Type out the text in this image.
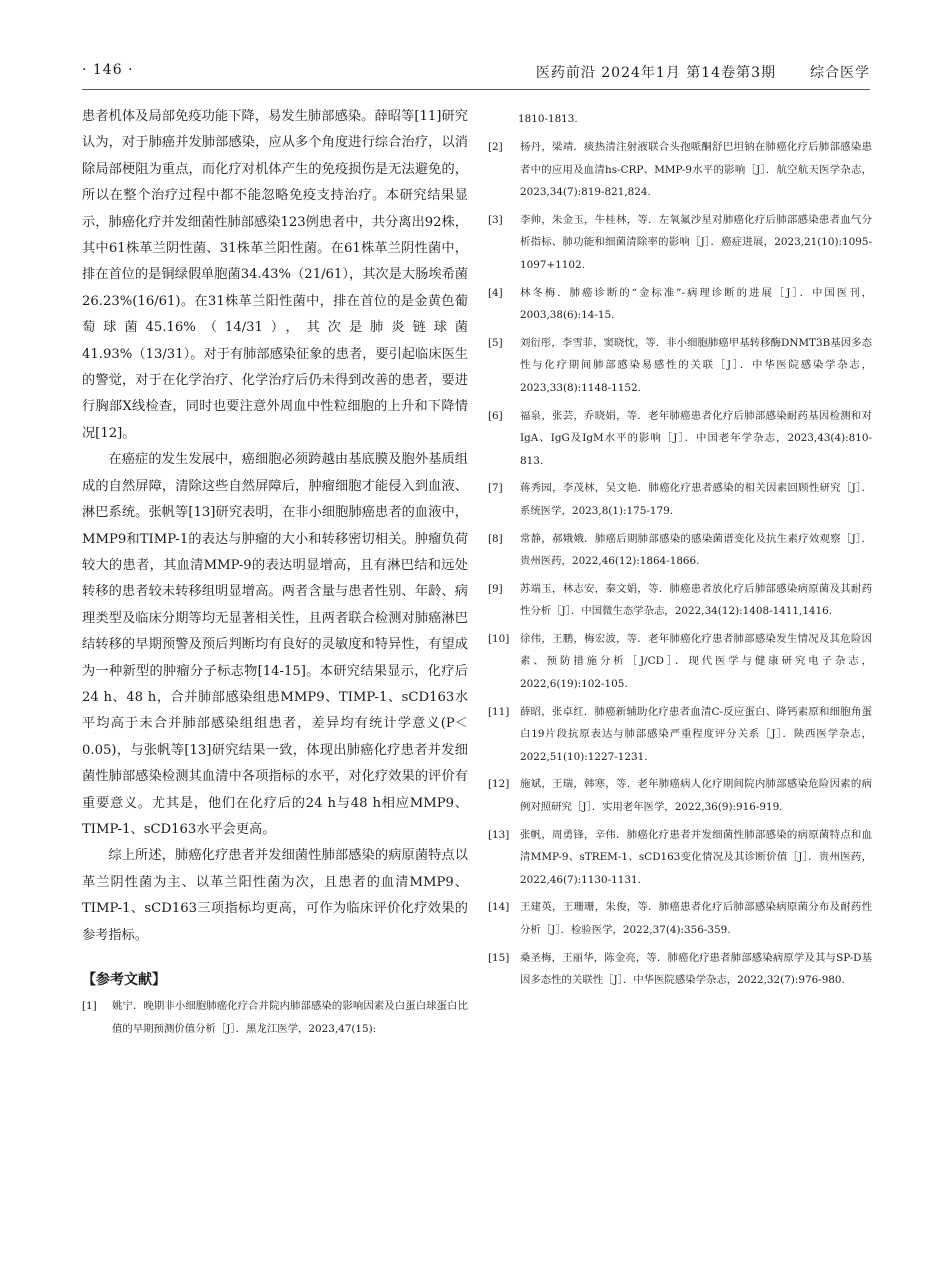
· 146 ·	医药前沿 2024年1月 第14卷第3期 综合医学

患者机体及局部免疫功能下降，易发生肺部感染。薛昭等[11]研究认为，对于肺癌并发肺部感染，应从多个角度进行综合治疗，以消除局部梗阻为重点，而化疗对机体产生的免疫损伤是无法避免的，所以在整个治疗过程中都不能忽略免疫支持治疗。本研究结果显示，肺癌化疗并发细菌性肺部感染123例患者中，共分离出92株，其中61株革兰阴性菌、31株革兰阳性菌。在61株革兰阴性菌中，排在首位的是铜绿假单胞菌34.43%（21/61），其次是大肠埃希菌26.23%(16/61)。在31株革兰阳性菌中，排在首位的是金黄色葡萄球菌45.16%（14/31），其次是肺炎链球菌41.93%（13/31）。对于有肺部感染征象的患者，要引起临床医生的警觉，对于在化学治疗、化学治疗后仍未得到改善的患者，要进行胸部X线检查，同时也要注意外周血中性粒细胞的上升和下降情况[12]。

在癌症的发生发展中，癌细胞必须跨越由基底膜及胞外基质组成的自然屏障，清除这些自然屏障后，肿瘤细胞才能侵入到血液、淋巴系统。张帆等[13]研究表明，在非小细胞肺癌患者的血液中，MMP9和TIMP-1的表达与肿瘤的大小和转移密切相关。肿瘤负荷较大的患者，其血清MMP-9的表达明显增高，且有淋巴结和远处转移的患者较未转移组明显增高。两者含量与患者性别、年龄、病理类型及临床分期等均无显著相关性，且两者联合检测对肺癌淋巴结转移的早期预警及预后判断均有良好的灵敏度和特异性，有望成为一种新型的肿瘤分子标志物[14-15]。本研究结果显示，化疗后24 h、48 h，合并肺部感染组患MMP9、TIMP-1、sCD163水平均高于未合并肺部感染组组患者，差异均有统计学意义(P＜0.05)，与张帆等[13]研究结果一致，体现出肺癌化疗患者并发细菌性肺部感染检测其血清中各项指标的水平，对化疗效果的评价有重要意义。尤其是，他们在化疗后的24 h与48 h相应MMP9、TIMP-1、sCD163水平会更高。

综上所述，肺癌化疗患者并发细菌性肺部感染的病原菌特点以革兰阴性菌为主、以革兰阳性菌为次，且患者的血清MMP9、TIMP-1、sCD163三项指标均更高，可作为临床评价化疗效果的参考指标。

【参考文献】
[1]	姚宁．晚期非小细胞肺癌化疗合并院内肺部感染的影响因素及白蛋白球蛋白比值的早期预测价值分析［J］．黑龙江医学，2023,47(15):
1810-1813.
[2]	杨丹，梁靖．痰热清注射液联合头孢哌酮舒巴坦钠在肺癌化疗后肺部感染患者中的应用及血清hs-CRP、MMP-9水平的影响［J］．航空航天医学杂志，2023,34(7):819-821,824.
[3]	李帅，朱金玉，牛桂林，等．左氧氟沙星对肺癌化疗后肺部感染患者血气分析指标、肺功能和细菌清除率的影响［J］．癌症进展，2023,21(10):1095-1097+1102.
[4]	林冬梅．肺癌诊断的“金标准”-病理诊断的进展［J］．中国医刊，2003,38(6):14-15.
[5]	刘衍彤，李雪菲，窦晓忱，等．非小细胞肺癌甲基转移酶DNMT3B基因多态性与化疗期间肺部感染易感性的关联［J］．中华医院感染学杂志，2023,33(8):1148-1152.
[6]	福泉，张芸，乔晓娟，等．老年肺癌患者化疗后肺部感染耐药基因检测和对IgA、IgG及IgM水平的影响［J］．中国老年学杂志，2023,43(4):810-813.
[7]	蒋秀园，李茂林，吴文艳．肺癌化疗患者感染的相关因素回顾性研究［J］．系统医学，2023,8(1):175-179.
[8]	常静，郝娥娥．肺癌后期肺部感染的感染菌谱变化及抗生素疗效观察［J］．贵州医药，2022,46(12):1864-1866.
[9]	苏端玉，林志安，秦文娟，等．肺癌患者放化疗后肺部感染病原菌及其耐药性分析［J］．中国微生态学杂志，2022,34(12):1408-1411,1416.
[10]	徐伟，王鹏，梅宏波，等．老年肺癌化疗患者肺部感染发生情况及其危险因素、预防措施分析［J/CD］．现代医学与健康研究电子杂志，2022,6(19):102-105.
[11]	薛昭，张卓红．肺癌新辅助化疗患者血清C-反应蛋白、降钙素原和细胞角蛋白19片段抗原表达与肺部感染严重程度评分关系［J］．陕西医学杂志，2022,51(10):1227-1231.
[12]	施斌，王瑞，韩寒，等．老年肺癌病人化疗期间院内肺部感染危险因素的病例对照研究［J］．实用老年医学，2022,36(9):916-919.
[13]	张帆，周勇锋，辛伟．肺癌化疗患者并发细菌性肺部感染的病原菌特点和血清MMP-9、sTREM-1、sCD163变化情况及其诊断价值［J］．贵州医药，2022,46(7):1130-1131.
[14]	王建英，王珊珊，朱俊，等．肺癌患者化疗后肺部感染病原菌分布及耐药性分析［J］．检验医学，2022,37(4):356-359.
[15]	桑圣梅，王丽华，陈金亮，等．肺癌化疗患者肺部感染病原学及其与SP-D基因多态性的关联性［J］．中华医院感染学杂志，2022,32(7):976-980.
